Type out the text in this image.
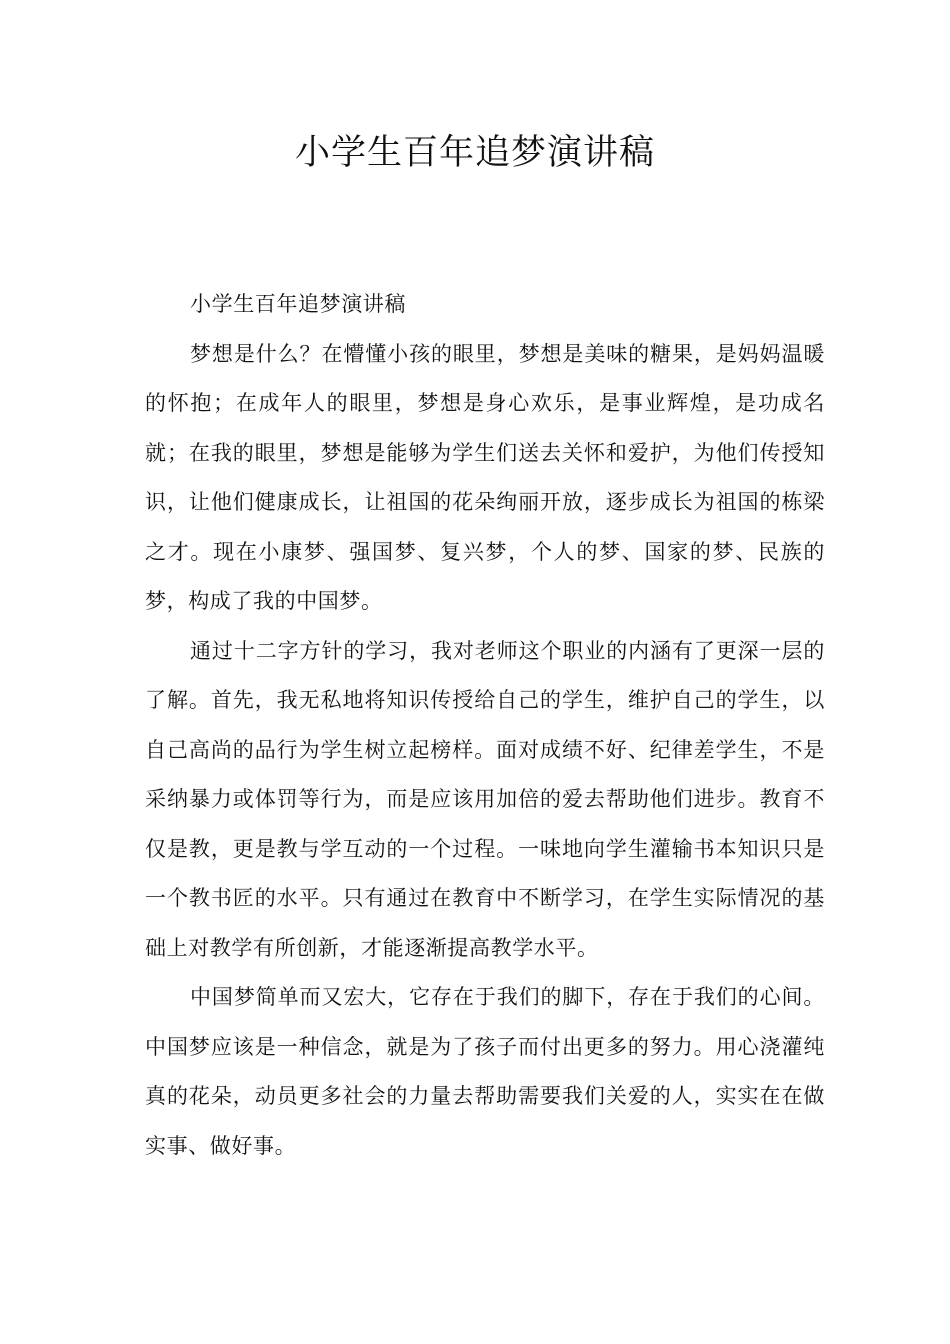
小学生百年追梦演讲稿

小学生百年追梦演讲稿

梦想是什么？在懵懂小孩的眼里，梦想是美味的糖果，是妈妈温暖的怀抱；在成年人的眼里，梦想是身心欢乐，是事业辉煌，是功成名就；在我的眼里，梦想是能够为学生们送去关怀和爱护，为他们传授知识，让他们健康成长，让祖国的花朵绚丽开放，逐步成长为祖国的栋梁之才。现在小康梦、强国梦、复兴梦，个人的梦、国家的梦、民族的梦，构成了我的中国梦。

通过十二字方针的学习，我对老师这个职业的内涵有了更深一层的了解。首先，我无私地将知识传授给自己的学生，维护自己的学生，以自己高尚的品行为学生树立起榜样。面对成绩不好、纪律差学生，不是采纳暴力或体罚等行为，而是应该用加倍的爱去帮助他们进步。教育不仅是教，更是教与学互动的一个过程。一味地向学生灌输书本知识只是一个教书匠的水平。只有通过在教育中不断学习，在学生实际情况的基础上对教学有所创新，才能逐渐提高教学水平。

中国梦简单而又宏大，它存在于我们的脚下，存在于我们的心间。中国梦应该是一种信念，就是为了孩子而付出更多的努力。用心浇灌纯真的花朵，动员更多社会的力量去帮助需要我们关爱的人，实实在在做实事、做好事。
